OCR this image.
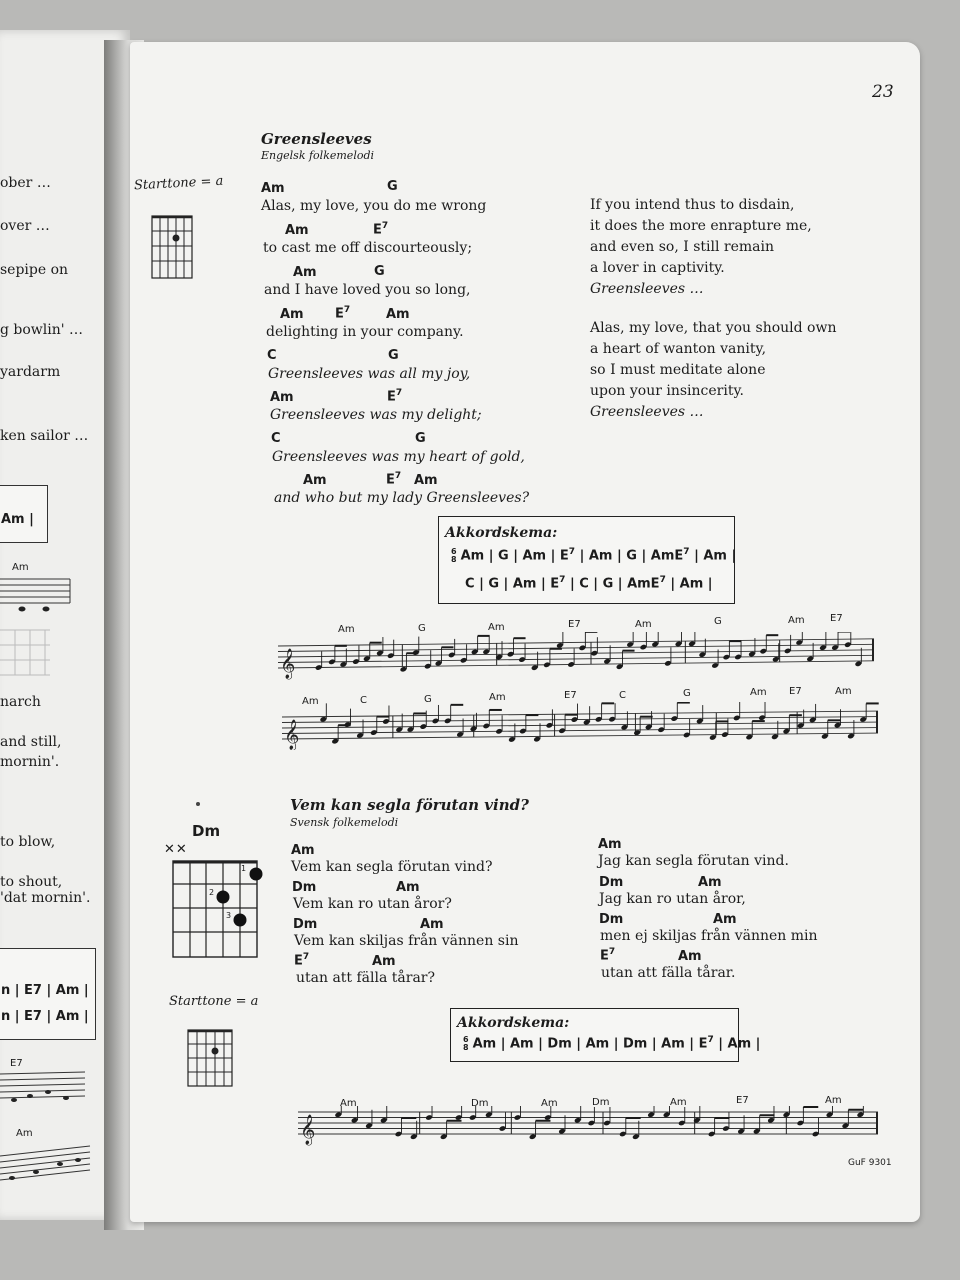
ober …
over …
sepipe on
g bowlin' …
yardarm
ken sailor …
Am |
Am
narch
and still,
mornin'.
to blow,
to shout,
'dat mornin'.
n | E7 | Am |
n | E7 | Am |
E7
Am
23
Greensleeves
Engelsk folkemelodi
Starttone = a	Am	G
Alas, my love, you do me wrong
Am	$E^7$
to cast me off discourteously;
Am	G
and I have loved you so long,
Am $E^7$	Am
delighting in your company.
C	G
Greensleeves was all my joy,
Am	$E^7$
Greensleeves was my delight;
C	G
Greensleeves was my heart of gold,
Am	$E^7$ Am
and who but my lady Greensleeves?
If you intend thus to disdain,
it does the more enrapture me,
and even so, I still remain
a lover in captivity.
Greensleeves …
Alas, my love, that you should own
a heart of wanton vanity,
so I must meditate alone
upon your insincerity.
Greensleeves …
Akkordskema:
6
8 Am | G | Am | $E^7$ | Am | G | AmE$^7$ | Am |
C | G | Am | $E^7$ | C | G | AmE$^7$ | Am |
Am	G	Am	E7	Am	G	Am	E7
𝄞
Am	C	G	Am	E7	C	G	Am E7	Am
𝄞
Vem kan segla förutan vind?
Svensk folkemelodi
Dm
✕✕
1
2
3
Starttone = a
Am
Vem kan segla förutan vind?
Dm	Am
Vem kan ro utan åror?
Dm	Am
Vem kan skiljas från vännen sin
$E^7$	Am
utan att fälla tårar?
Am
Jag kan segla förutan vind.
Dm	Am
Jag kan ro utan åror,
Dm	Am
men ej skiljas från vännen min
$E^7$	Am
utan att fälla tårar.
Akkordskema:
6
8 Am | Am | Dm | Am | Dm | Am | $E^7$ | Am |
Am	Dm	Am	Dm	Am	E7	Am
𝄞
GuF 9301
